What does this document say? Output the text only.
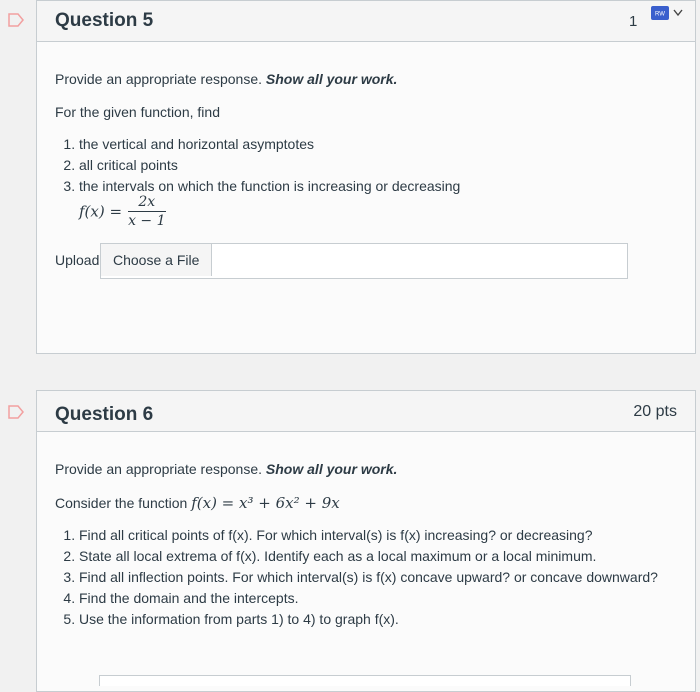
Question 5	1	RW
Provide an appropriate response. Show all your work.
For the given function, find
1. the vertical and horizontal asymptotes
2. all critical points
3. the intervals on which the function is increasing or decreasing
$f(x) = \frac{2x}{x - 1}$
Upload Choose a File
Question 6	20 pts
Provide an appropriate response. Show all your work.
Consider the function f(x) = x³ + 6x² + 9x
1. Find all critical points of f(x). For which interval(s) is f(x) increasing? or decreasing?
2. State all local extrema of f(x). Identify each as a local maximum or a local minimum.
3. Find all inflection points. For which interval(s) is f(x) concave upward? or concave downward?
4. Find the domain and the intercepts.
5. Use the information from parts 1) to 4) to graph f(x).
